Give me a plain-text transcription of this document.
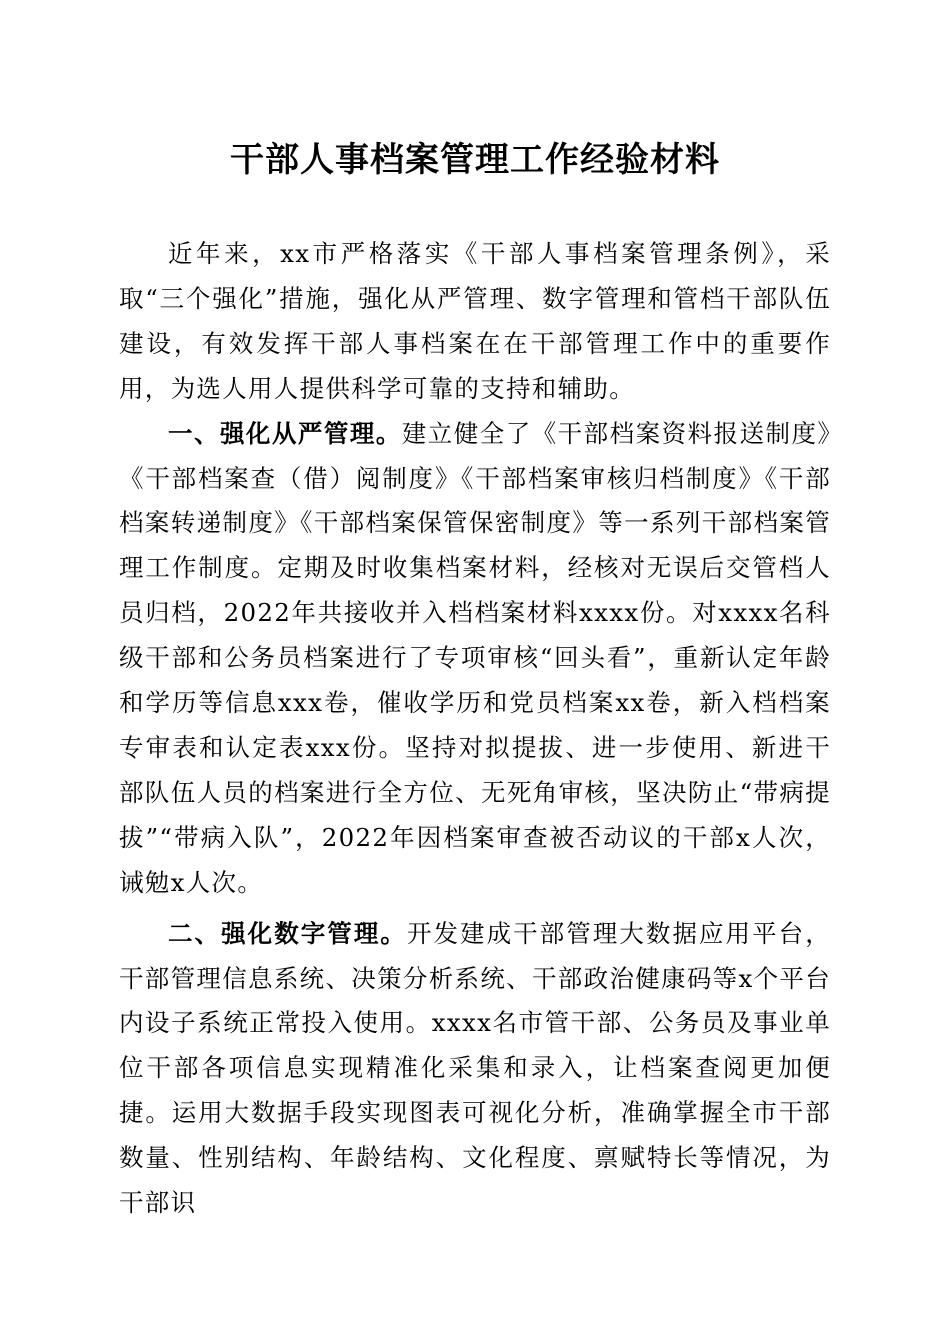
干部人事档案管理工作经验材料

近年来，xx市严格落实《干部人事档案管理条例》，采取“三个强化”措施，强化从严管理、数字管理和管档干部队伍建设，有效发挥干部人事档案在在干部管理工作中的重要作用，为选人用人提供科学可靠的支持和辅助。

一、强化从严管理。建立健全了《干部档案资料报送制度》《干部档案查（借）阅制度》《干部档案审核归档制度》《干部档案转递制度》《干部档案保管保密制度》等一系列干部档案管理工作制度。定期及时收集档案材料，经核对无误后交管档人员归档，2022年共接收并入档档案材料xxxx份。对xxxx名科级干部和公务员档案进行了专项审核“回头看”，重新认定年龄和学历等信息xxx卷，催收学历和党员档案xx卷，新入档档案专审表和认定表xxx份。坚持对拟提拔、进一步使用、新进干部队伍人员的档案进行全方位、无死角审核，坚决防止“带病提拔”“带病入队”，2022年因档案审查被否动议的干部x人次，诫勉x人次。

二、强化数字管理。开发建成干部管理大数据应用平台，干部管理信息系统、决策分析系统、干部政治健康码等x个平台内设子系统正常投入使用。xxxx名市管干部、公务员及事业单位干部各项信息实现精准化采集和录入，让档案查阅更加便捷。运用大数据手段实现图表可视化分析，准确掌握全市干部数量、性别结构、年龄结构、文化程度、禀赋特长等情况，为干部识
